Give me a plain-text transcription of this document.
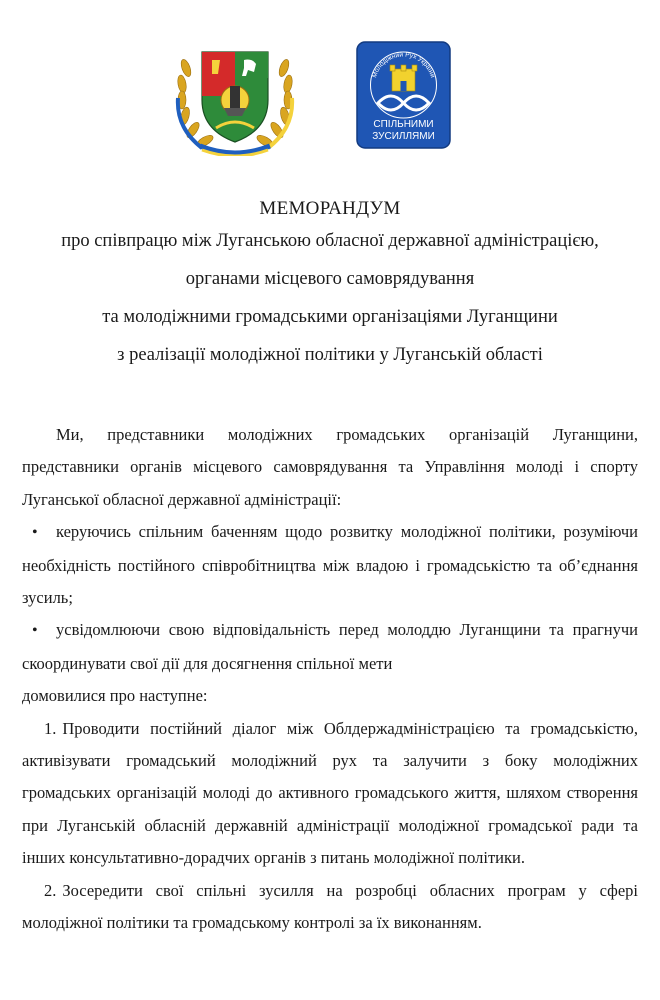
Молодіжний Рух України
СПІЛЬНИМИ
ЗУСИЛЛЯМИ
МЕМОРАНДУМ
про співпрацю між Луганською обласної державної адміністрацією,
органами місцевого самоврядування
та молодіжними громадськими організаціями Луганщини
з реалізації молодіжної політики у Луганській області

Ми, представники молодіжних громадських організацій Луганщини, представники органів місцевого самоврядування та Управління молоді і спорту Луганської обласної державної адміністрації:

• керуючись спільним баченням щодо розвитку молодіжної політики, розуміючи необхідність постійного співробітництва між владою і громадськістю та об’єднання зусиль;

• усвідомлюючи свою відповідальність перед молоддю Луганщини та прагнучи скоординувати свої дії для досягнення спільної мети

домовилися про наступне:

1. Проводити постійний діалог між Облдержадміністрацією та громадськістю, активізувати громадський молодіжний рух та залучити з боку молодіжних громадських організацій молоді до активного громадського життя, шляхом створення при Луганській обласній державній адміністрації молодіжної громадської ради та інших консультативно-дорадчих органів з питань молодіжної політики.

2. Зосередити свої спільні зусилля на розробці обласних програм у сфері молодіжної політики та громадському контролі за їх виконанням.
